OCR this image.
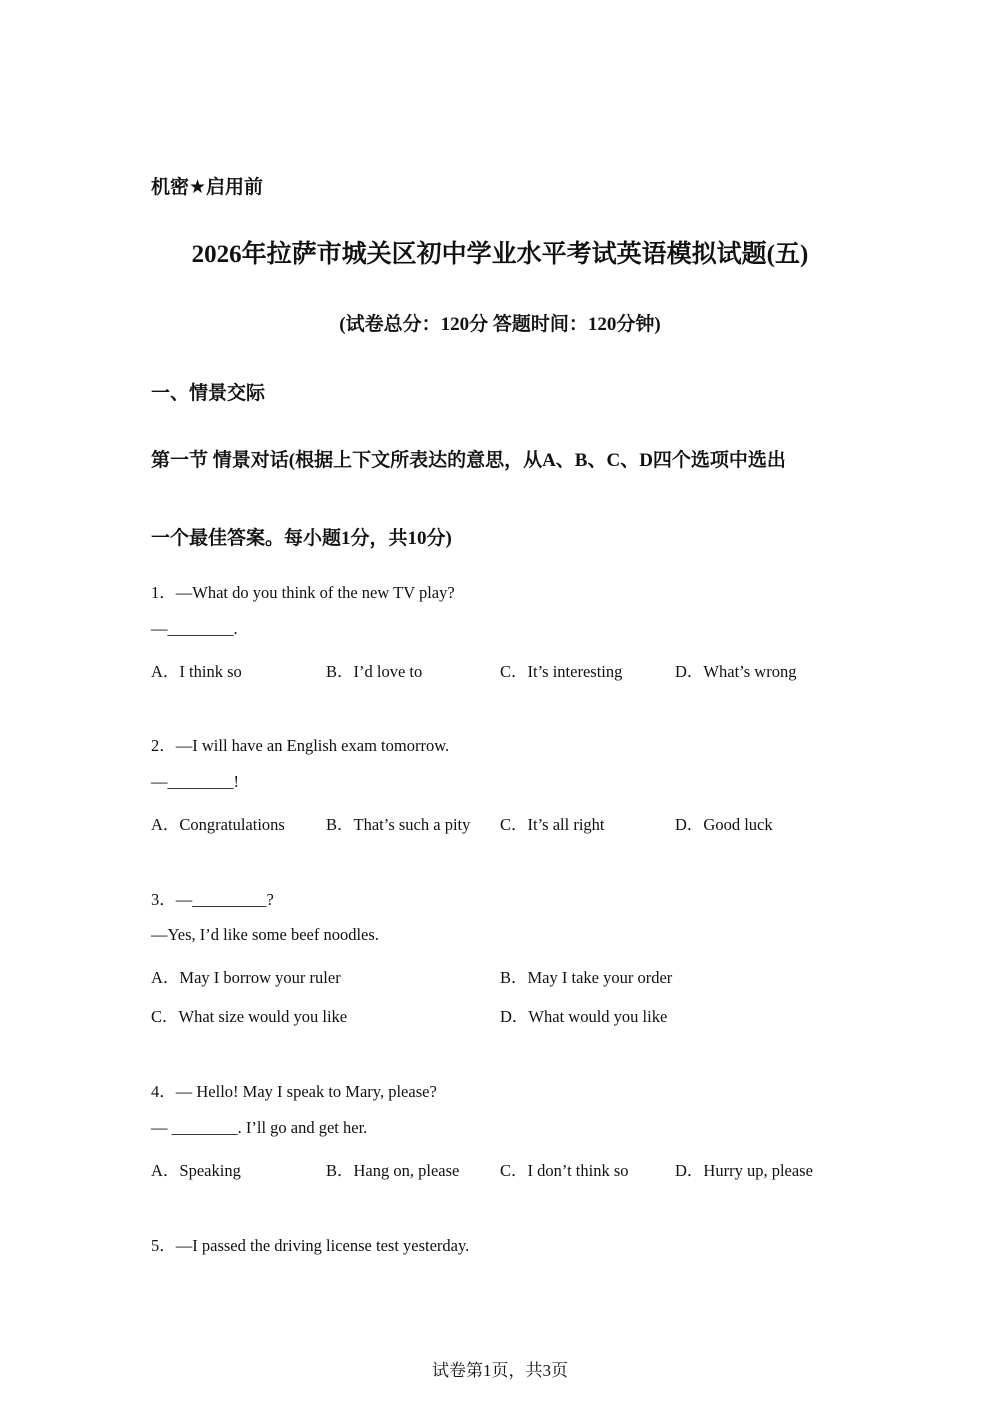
机密★启用前
2026年拉萨市城关区初中学业水平考试英语模拟试题(五)
(试卷总分：120分 答题时间：120分钟)
一、情景交际
第一节 情景对话(根据上下文所表达的意思，从A、B、C、D四个选项中选出
一个最佳答案。每小题1分，共10分)
1．—What do you think of the new TV play?
—________.
A．I think so	B．I’d love to	C．It’s interesting	D．What’s wrong
2．—I will have an English exam tomorrow.
—________!
A．Congratulations B．That’s such a pity C．It’s all right	D．Good luck
3．—_________?
—Yes, I’d like some beef noodles.
A．May I borrow your ruler	B．May I take your order
C．What size would you like	D．What would you like
4．— Hello! May I speak to Mary, please?
— ________. I’ll go and get her.
A．Speaking	B．Hang on, please C．I don’t think so	D．Hurry up, please
5．—I passed the driving license test yesterday.
试卷第1页，共3页
